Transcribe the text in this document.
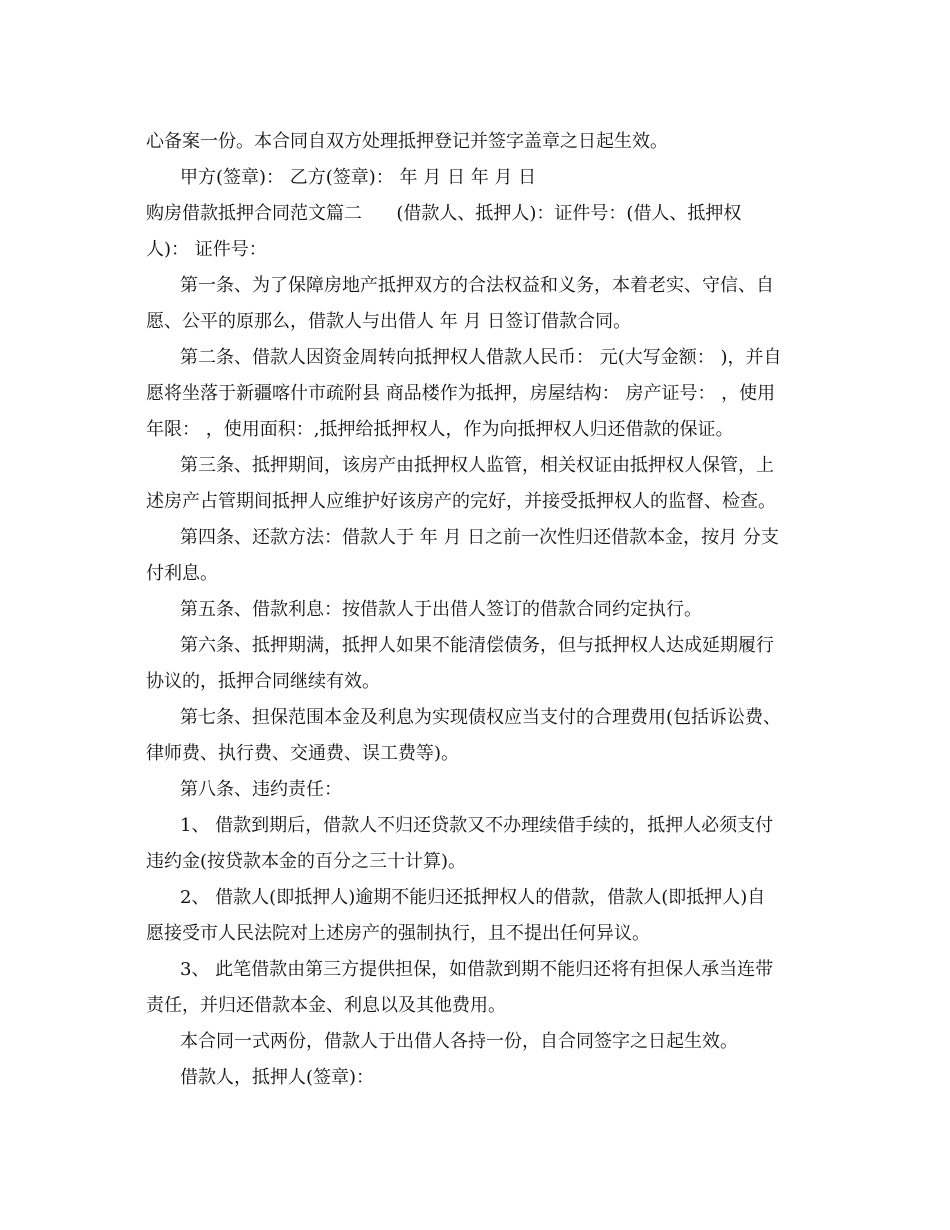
心备案一份。本合同自双方处理抵押登记并签字盖章之日起生效。
甲方(签章)： 乙方(签章)： 年 月 日 年 月 日
购房借款抵押合同范文篇二      (借款人、抵押人)：证件号：(借人、抵押权
人)： 证件号：
第一条、为了保障房地产抵押双方的合法权益和义务，本着老实、守信、自
愿、公平的原那么，借款人与出借人 年 月 日签订借款合同。
第二条、借款人因资金周转向抵押权人借款人民币： 元(大写金额： )，并自
愿将坐落于新疆喀什市疏附县 商品楼作为抵押，房屋结构： 房产证号： ，使用
年限： ，使用面积：,抵押给抵押权人，作为向抵押权人归还借款的保证。
第三条、抵押期间，该房产由抵押权人监管，相关权证由抵押权人保管，上
述房产占管期间抵押人应维护好该房产的完好，并接受抵押权人的监督、检查。
第四条、还款方法：借款人于 年 月 日之前一次性归还借款本金，按月 分支
付利息。
第五条、借款利息：按借款人于出借人签订的借款合同约定执行。
第六条、抵押期满，抵押人如果不能清偿债务，但与抵押权人达成延期履行
协议的，抵押合同继续有效。
第七条、担保范围本金及利息为实现债权应当支付的合理费用(包括诉讼费、
律师费、执行费、交通费、误工费等)。
第八条、违约责任：
1、 借款到期后，借款人不归还贷款又不办理续借手续的，抵押人必须支付
违约金(按贷款本金的百分之三十计算)。
2、 借款人(即抵押人)逾期不能归还抵押权人的借款，借款人(即抵押人)自
愿接受市人民法院对上述房产的强制执行，且不提出任何异议。
3、 此笔借款由第三方提供担保，如借款到期不能归还将有担保人承当连带
责任，并归还借款本金、利息以及其他费用。
本合同一式两份，借款人于出借人各持一份，自合同签字之日起生效。
借款人，抵押人(签章)：
